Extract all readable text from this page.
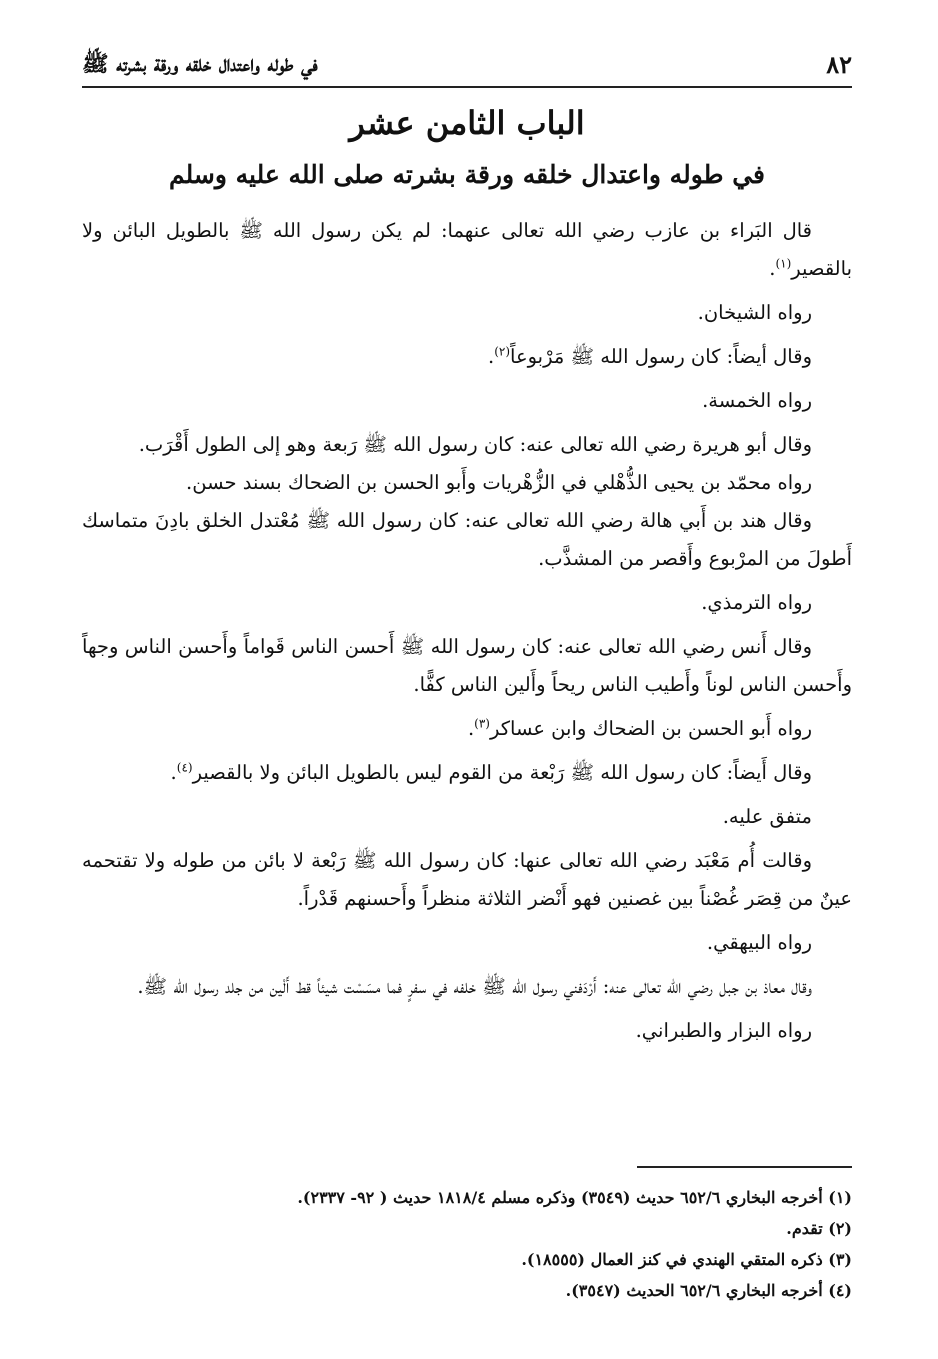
٨٢
في طوله واعتدال خلقه ورقة بشرته ﷺ
الباب الثامن عشر
في طوله واعتدال خلقه ورقة بشرته صلى الله عليه وسلم

قال البَراء بن عازب رضي الله تعالى عنهما: لم يكن رسول الله ﷺ بالطويل البائن ولا بالقصير$^{(١)}$.

رواه الشيخان.

وقال أيضاً: كان رسول الله ﷺ مَرْبوعاً$^{(٢)}$.

رواه الخمسة.

وقال أبو هريرة رضي الله تعالى عنه: كان رسول الله ﷺ رَبعة وهو إلى الطول أَقْرَب.

رواه محمّد بن يحيى الذُّهْلي في الزُّهْريات وأَبو الحسن بن الضحاك بسند حسن.

وقال هند بن أَبي هالة رضي الله تعالى عنه: كان رسول الله ﷺ مُعْتدل الخلق بادِنَ متماسك أَطولَ من المرْبوع وأَقصر من المشذَّب.

رواه الترمذي.

وقال أَنس رضي الله تعالى عنه: كان رسول الله ﷺ أَحسن الناس قَواماً وأَحسن الناس وجهاً وأَحسن الناس لوناً وأَطيب الناس ريحاً وأَلين الناس كفًّا.

رواه أَبو الحسن بن الضحاك وابن عساكر$^{(٣)}$.

وقال أَيضاً: كان رسول الله ﷺ رَبْعة من القوم ليس بالطويل البائن ولا بالقصير$^{(٤)}$.

متفق عليه.

وقالت أُم مَعْبَد رضي الله تعالى عنها: كان رسول الله ﷺ رَبْعة لا بائن من طوله ولا تقتحمه عينٌ من قِصَر غُصْناً بين غصنين فهو أَنْضر الثلاثة منظراً وأَحسنهم قَدْراً.

رواه البيهقي.

وقال معاذ بن جبل رضي الله تعالى عنه: أَرْدَفني رسول الله ﷺ خلفه في سفرٍ فما مسَسْت شيئاً قط أَلْين من جلد رسول الله ﷺ.

رواه البزار والطبراني.

(١) أخرجه البخاري ٦٥٢/٦ حديث (٣٥٤٩) وذكره مسلم ١٨١٨/٤ حديث ( ٩٢- ٢٣٣٧).

(٢) تقدم.

(٣) ذكره المتقي الهندي في كنز العمال (١٨٥٥٥).

(٤) أخرجه البخاري ٦٥٢/٦ الحديث (٣٥٤٧).
